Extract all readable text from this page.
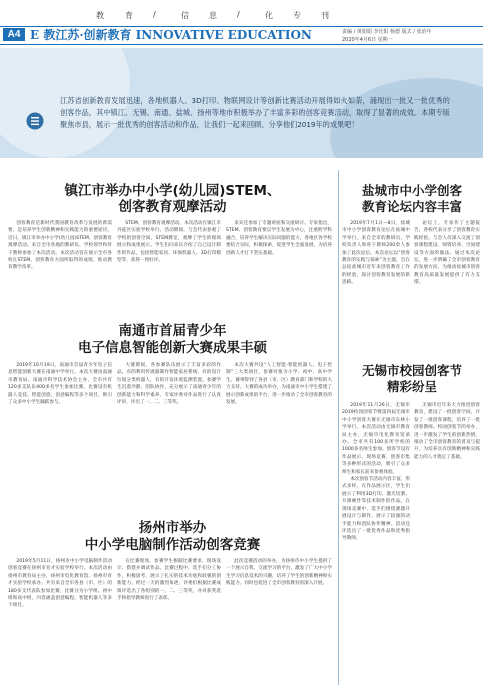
教	育	/	信	息	/	化	专	刊
A4 E 教江苏·创新教育 INNOVATIVE EDUCATION	责编 / 黄娟娟 李仕阳 杨德 版式 / 张治年
2020年4月6日 星期一
江苏省创新教育发展迅速，各地机器人、3D打印、物联网设计等创新比赛活动开展得如火如荼，涌现出一批又一批优秀的创客作品，其中镇江、无锡、南通、盐城、扬州等地市积极举办了丰富多彩的创客竞赛活动，取得了显著的成效。本期专版聚焦市县，展示一批优秀的创客活动和作品，让我们一起来回顾、分享他们2019年的成果吧！
镇江市举办中小学(幼儿园)STEM、
创客教育观摩活动

创客教育是新时代我国教育改革与发展的新需要，是培养学生创新精神和实践能力的重要途径。近日，镇江市举办中小学(幼儿园)STEM、创客教育观摩活动。来自全市各地的教研员、学校领导和骨干教师参加了本次活动。本次活动旨在展示全市各校在STEM、创客教育方面所取得的成绩，推动教育教学改革。

STEM、创客教育观摩活动。本次活动在镇江市丹徒区实验学校举行。活动期间，与会代表参观了学校的创客空间、STEM教室，观摩了学生的现场展示和成果展示。学生们向来宾介绍了自己设计制作的作品，包括智能家居、环保机器人、3D打印模型等，获得一致好评。

来宾还参加了专题讲座和交流研讨。专家指出，STEM、创客教育要以学生发展为中心，注重跨学科融合，培养学生解决实际问题的能力。各地区各学校要结合实际，积极探索，促进学生全面发展，为培养创新人才打下坚实基础。

南通市首届青少年
电子信息智能创新大赛成果丰硕

2019年10月19日，南通市首届青少年电子信息智能创新大赛在南通中学举行。本次大赛由南通市教育局、南通市科学技术协会主办，全市共有120多支队伍400多名学生参加比赛。比赛设有机器人竞技、智能创意、创意编程等多个项目，吸引了众多中小学生踊跃参与。

大赛期间，各参赛队伍展示了丰富多彩的作品，有的利用传感器制作智能家居系统，有的设计垃圾分类机器人，有的开发环境监测装置。参赛学生沉着冷静，团队协作，充分展示了南通青少年的创新能力和科学素养。专家评委对作品进行了认真评审，评出了一、二、三等奖。

本次大赛共设“人工智能·智能机器人、电子控制”三大类项目，参赛对象为小学、初中、高中学生。赛事得到了各县（市、区）教育部门和学校的大力支持。大赛的成功举办，为南通市中小学生搭建了展示创新成果的平台，进一步推动了全市创客教育的发展。

扬州市举办
中小学电脑制作活动创客竞赛

2019年5月11日，扬州市中小学电脑制作活动创客竞赛在扬州市育才实验学校举行。本次活动由扬州市教育局主办，扬州市电化教育馆、扬州市育才实验学校承办。共有来自全市各县（市、区）的180多支代表队参加比赛，比赛分为小学组、初中组和高中组，内容涵盖创意编程、智能机器人等多个项目。

在比赛现场，参赛学生根据比赛要求，现场设计、搭建并调试作品。比赛过程中，选手们分工协作，积极思考，展示了扎实的技术功底和较强的创新能力。经过一天的激烈角逐，评委们根据比赛成绩评选出了各组别的一、二、三等奖，并对获奖选手和指导教师进行了表彰。

此次竞赛活动的举办，为扬州市中小学生提供了一个展示自我、交流学习的平台，激发了广大中小学生学习信息技术的兴趣，培养了学生的创新精神和实践能力。同时也促进了全市创客教育的深入开展。

盐城市中小学创客
教育论坛内容丰富

2019年7月1日—8日，盐城市中小学创客教育论坛在盐城中学举行。来自全市的教研员、学校负责人和骨干教师200余人参加了此次论坛。本次论坛以“创客教育的实践与探索”为主题，旨在总结盐城市近年来创客教育工作的经验，探讨创客教育发展的新思路。

论坛上，专家作了主题报告，各校代表分享了创客教育实践经验。与会人员深入交流了创客课程建设、师资培养、空间建设等方面的做法。通过本次论坛，进一步明确了全市创客教育的发展方向，为推动盐城市创客教育高质量发展提供了有力支撑。

无锡市校园创客节
精彩纷呈

2019年11月26日，无锡市2019校园创客节暨第四届无锡市中小学创客大赛在无锡市东林小学举行。本次活动由无锡市教育局主办，无锡市电化教育馆承办。全市共有100多所学校的1000多名师生参加。创客节设有作品展示、现场竞赛、创客市集等多种形式的活动，吸引了众多师生和家长前来参观体验。

本次创客节活动内容丰富，形式多样。在作品展示区，学生们展示了利用3D打印、激光切割、开源硬件等技术制作的作品。在现场竞赛中，选手们围绕赛题开展设计与制作，展示了较强的动手能力和团队协作精神。活动还评选出了一批优秀作品和优秀指导教师。

无锡市近年来大力推进创客教育，建设了一批创客空间，开发了一批创客课程，培养了一批创客教师。校园创客节的举办，进一步激发了学生的创新热情，推动了全市创客教育的普及与提升，为培养具有创新精神和实践能力的人才奠定了基础。
